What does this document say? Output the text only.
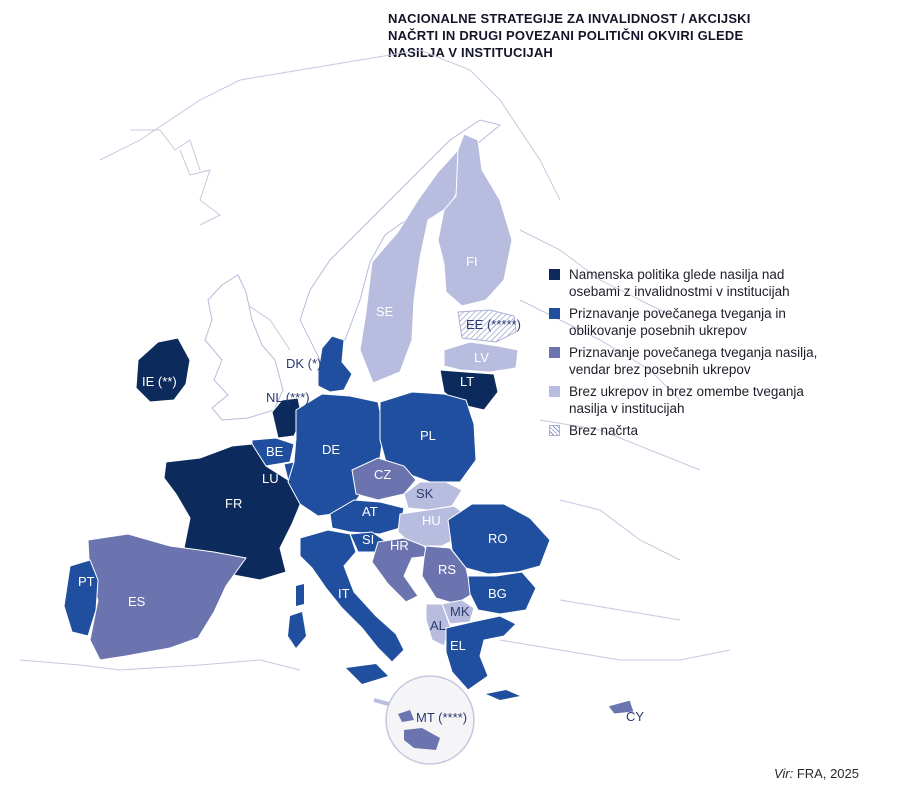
NACIONALNE STRATEGIJE ZA INVALIDNOST / AKCIJSKI
NAČRTI IN DRUGI POVEZANI POLITIČNI OKVIRI GLEDE
NASILJA V INSTITUCIJAH
SE
FI
EE (*****)
LV
LT
DK (*)
IE (**)
NL (***)
BE
LU
FR
DE
PL
CZ
SK
AT
HU
SI HR
RS
RO
BG
MK
AL
EL
IT
PT
ES
MT (****)	CY
Namenska politika glede nasilja nad
osebami z invalidnostmi v institucijah
Priznavanje povečanega tveganja in
oblikovanje posebnih ukrepov
Priznavanje povečanega tveganja nasilja,
vendar brez posebnih ukrepov
Brez ukrepov in brez omembe tveganja
nasilja v institucijah
Brez načrta
Vir: FRA, 2025
